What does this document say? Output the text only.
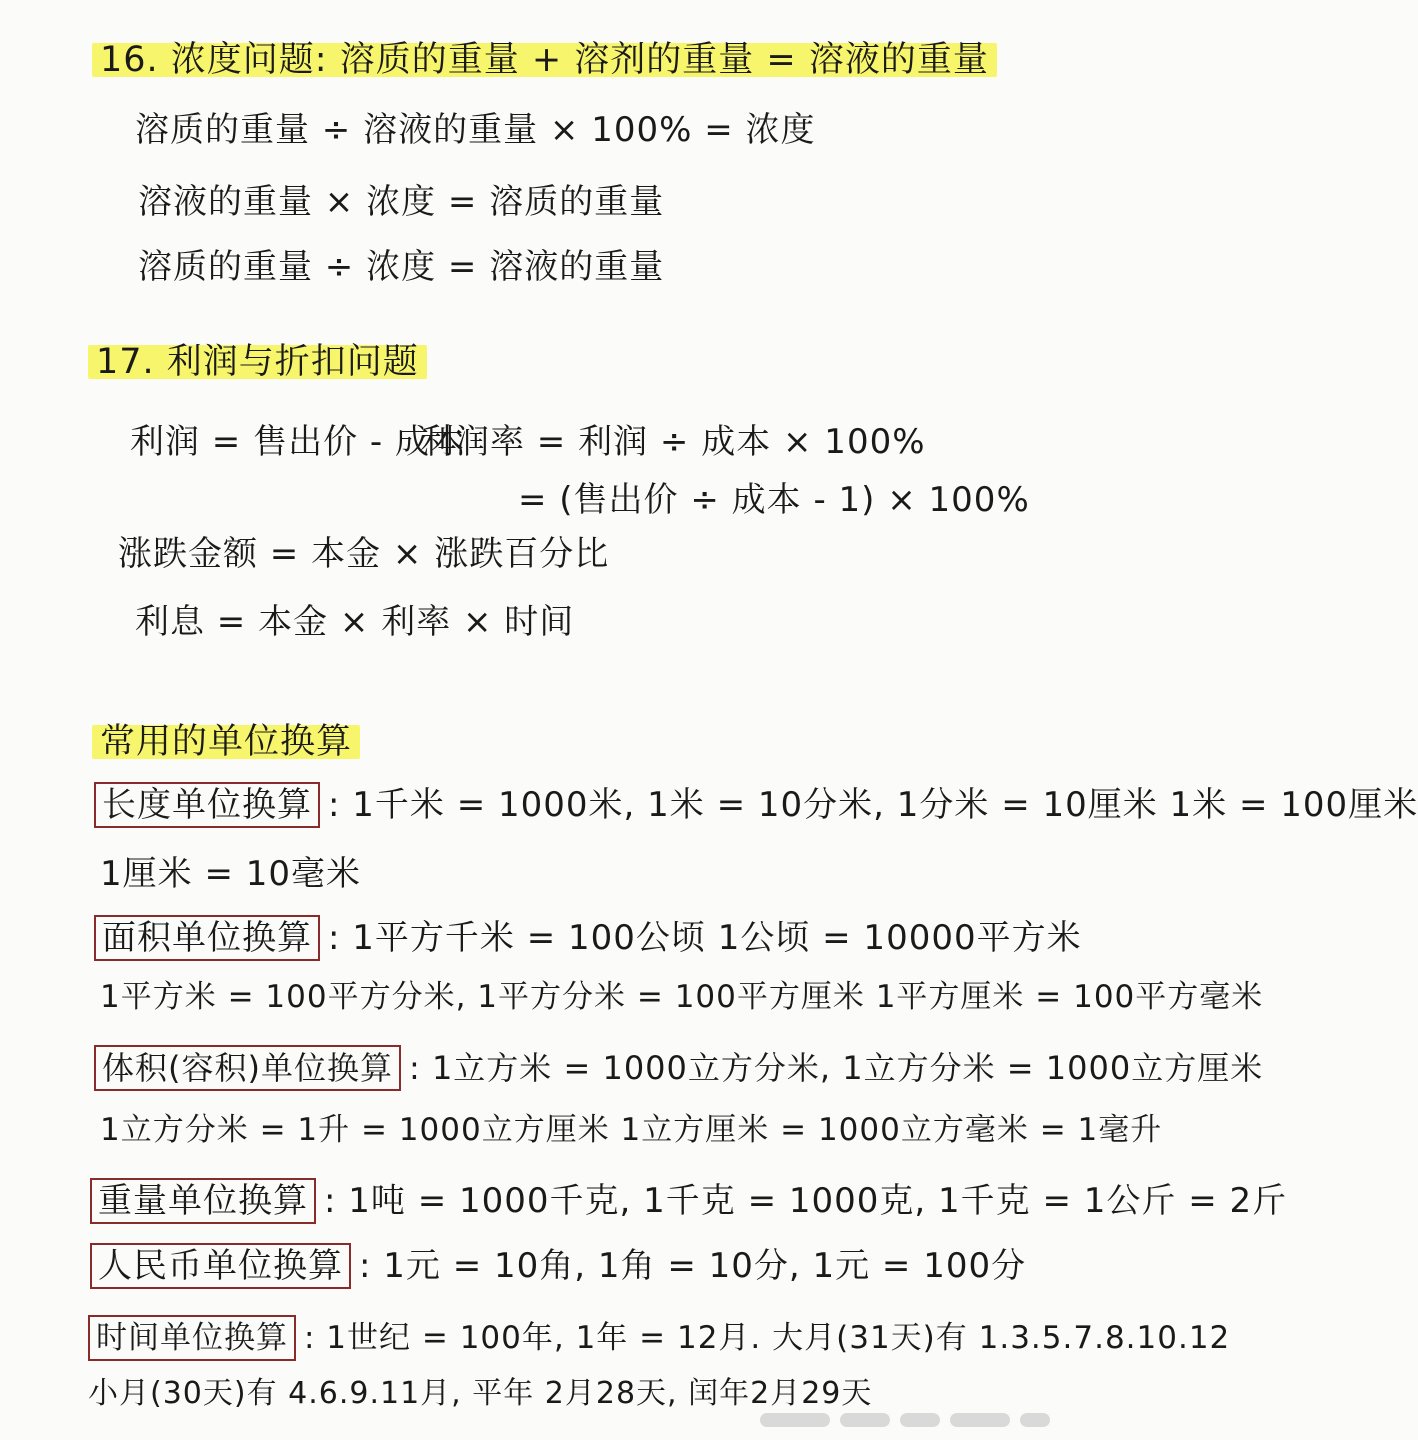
16. 浓度问题: 溶质的重量 + 溶剂的重量 = 溶液的重量
溶质的重量 ÷ 溶液的重量 × 100% = 浓度
溶液的重量 × 浓度 = 溶质的重量
溶质的重量 ÷ 浓度 = 溶液的重量
17. 利润与折扣问题
利润 = 售出价 - 成本
利润率 = 利润 ÷ 成本 × 100%
= (售出价 ÷ 成本 - 1) × 100%
涨跌金额 = 本金 × 涨跌百分比
利息 = 本金 × 利率 × 时间
常用的单位换算
长度单位换算 : 1千米 = 1000米, 1米 = 10分米, 1分米 = 10厘米 1米 = 100厘米
1厘米 = 10毫米
面积单位换算 : 1平方千米 = 100公顷 1公顷 = 10000平方米
1平方米 = 100平方分米, 1平方分米 = 100平方厘米 1平方厘米 = 100平方毫米
体积(容积)单位换算 : 1立方米 = 1000立方分米, 1立方分米 = 1000立方厘米
1立方分米 = 1升 = 1000立方厘米 1立方厘米 = 1000立方毫米 = 1毫升
重量单位换算 : 1吨 = 1000千克, 1千克 = 1000克, 1千克 = 1公斤 = 2斤
人民币单位换算 : 1元 = 10角, 1角 = 10分, 1元 = 100分
时间单位换算 : 1世纪 = 100年, 1年 = 12月. 大月(31天)有 1.3.5.7.8.10.12
小月(30天)有 4.6.9.11月, 平年 2月28天, 闰年2月29天
